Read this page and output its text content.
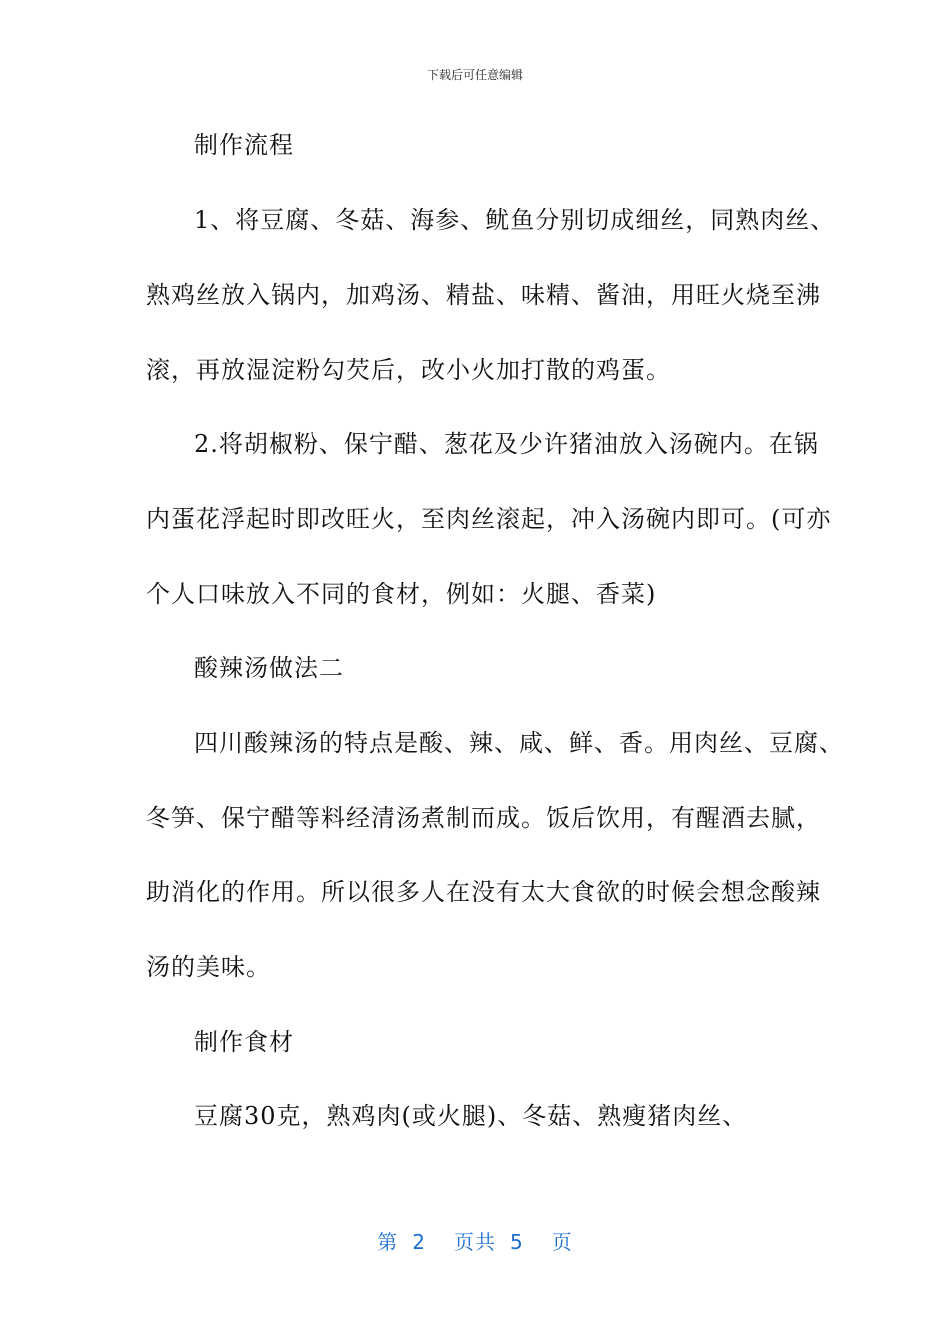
下载后可任意编辑
制作流程
1、将豆腐、冬菇、海参、鱿鱼分别切成细丝，同熟肉丝、
熟鸡丝放入锅内，加鸡汤、精盐、味精、酱油，用旺火烧至沸
滚，再放湿淀粉勾芡后，改小火加打散的鸡蛋。
2.将胡椒粉、保宁醋、葱花及少许猪油放入汤碗内。在锅
内蛋花浮起时即改旺火，至肉丝滚起，冲入汤碗内即可。(可亦
个人口味放入不同的食材，例如：火腿、香菜)
酸辣汤做法二
四川酸辣汤的特点是酸、辣、咸、鲜、香。用肉丝、豆腐、
冬笋、保宁醋等料经清汤煮制而成。饭后饮用，有醒酒去腻，
助消化的作用。所以很多人在没有太大食欲的时候会想念酸辣
汤的美味。
制作食材
豆腐30克，熟鸡肉(或火腿)、冬菇、熟瘦猪肉丝、
第 2 页共 5 页
